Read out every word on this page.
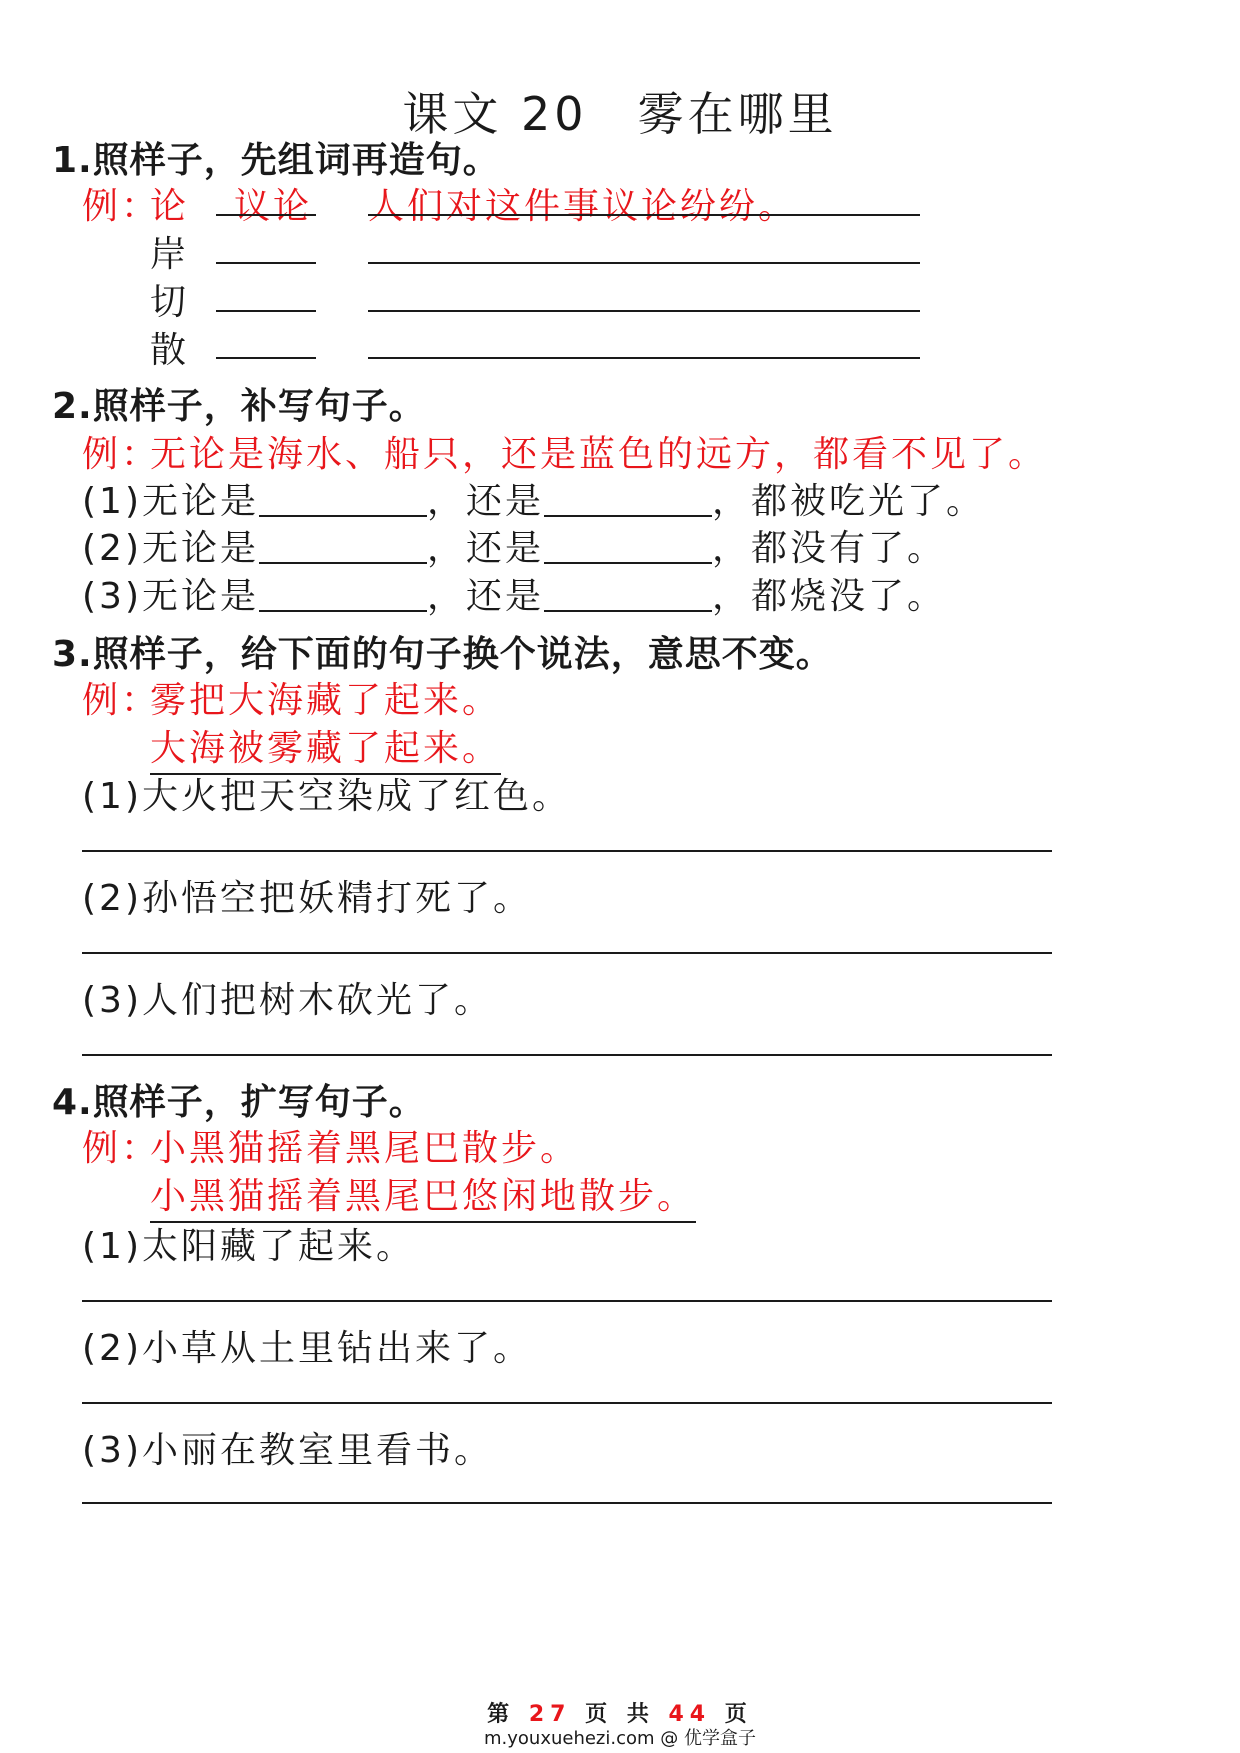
课文 20　雾在哪里
1.照样子，先组词再造句。
例：
论 议论 人们对这件事议论纷纷。
岸
切
散
2.照样子，补写句子。
例：
无论是海水、船只，还是蓝色的远方，都看不见了。
(1)无论是	，还是	，都被吃光了。
(2)无论是	，还是	，都没有了。
(3)无论是	，还是	，都烧没了。
3.照样子，给下面的句子换个说法，意思不变。
例：
雾把大海藏了起来。
大海被雾藏了起来。
(1)大火把天空染成了红色。
(2)孙悟空把妖精打死了。
(3)人们把树木砍光了。
4.照样子，扩写句子。
例：
小黑猫摇着黑尾巴散步。
小黑猫摇着黑尾巴悠闲地散步。
(1)太阳藏了起来。
(2)小草从土里钻出来了。
(3)小丽在教室里看书。
第 27 页 共 44 页
m.youxuehezi.com @ 优学盒子
